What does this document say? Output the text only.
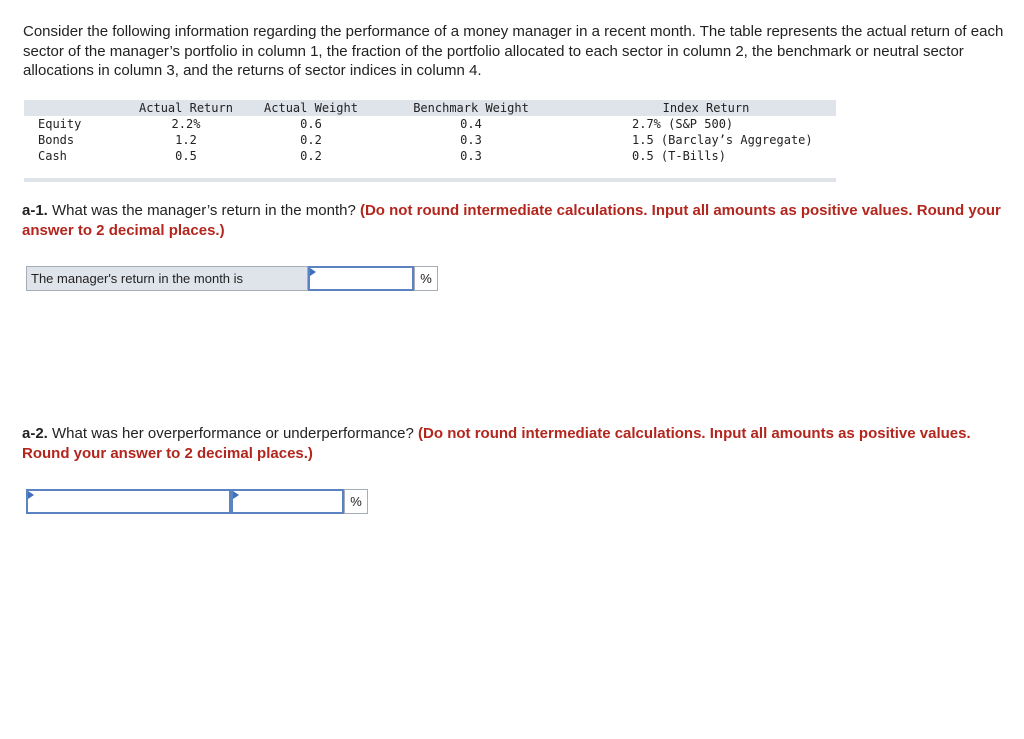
Consider the following information regarding the performance of a money manager in a recent month. The table represents the actual return of each sector of the manager’s portfolio in column 1, the fraction of the portfolio allocated to each sector in column 2, the benchmark or neutral sector allocations in column 3, and the returns of sector indices in column 4.

	Actual Return	Actual Weight	Benchmark Weight	Index Return
Equity	2.2%	0.6	0.4	2.7% (S&P 500)
Bonds	1.2	0.2	0.3	1.5 (Barclay’s Aggregate)
Cash	0.5	0.2	0.3	0.5 (T-Bills)

a-1. What was the manager’s return in the month? (Do not round intermediate calculations. Input all amounts as positive values. Round your answer to 2 decimal places.)

The manager's return in the month is	%

a-2. What was her overperformance or underperformance? (Do not round intermediate calculations. Input all amounts as positive values. Round your answer to 2 decimal places.)

%
